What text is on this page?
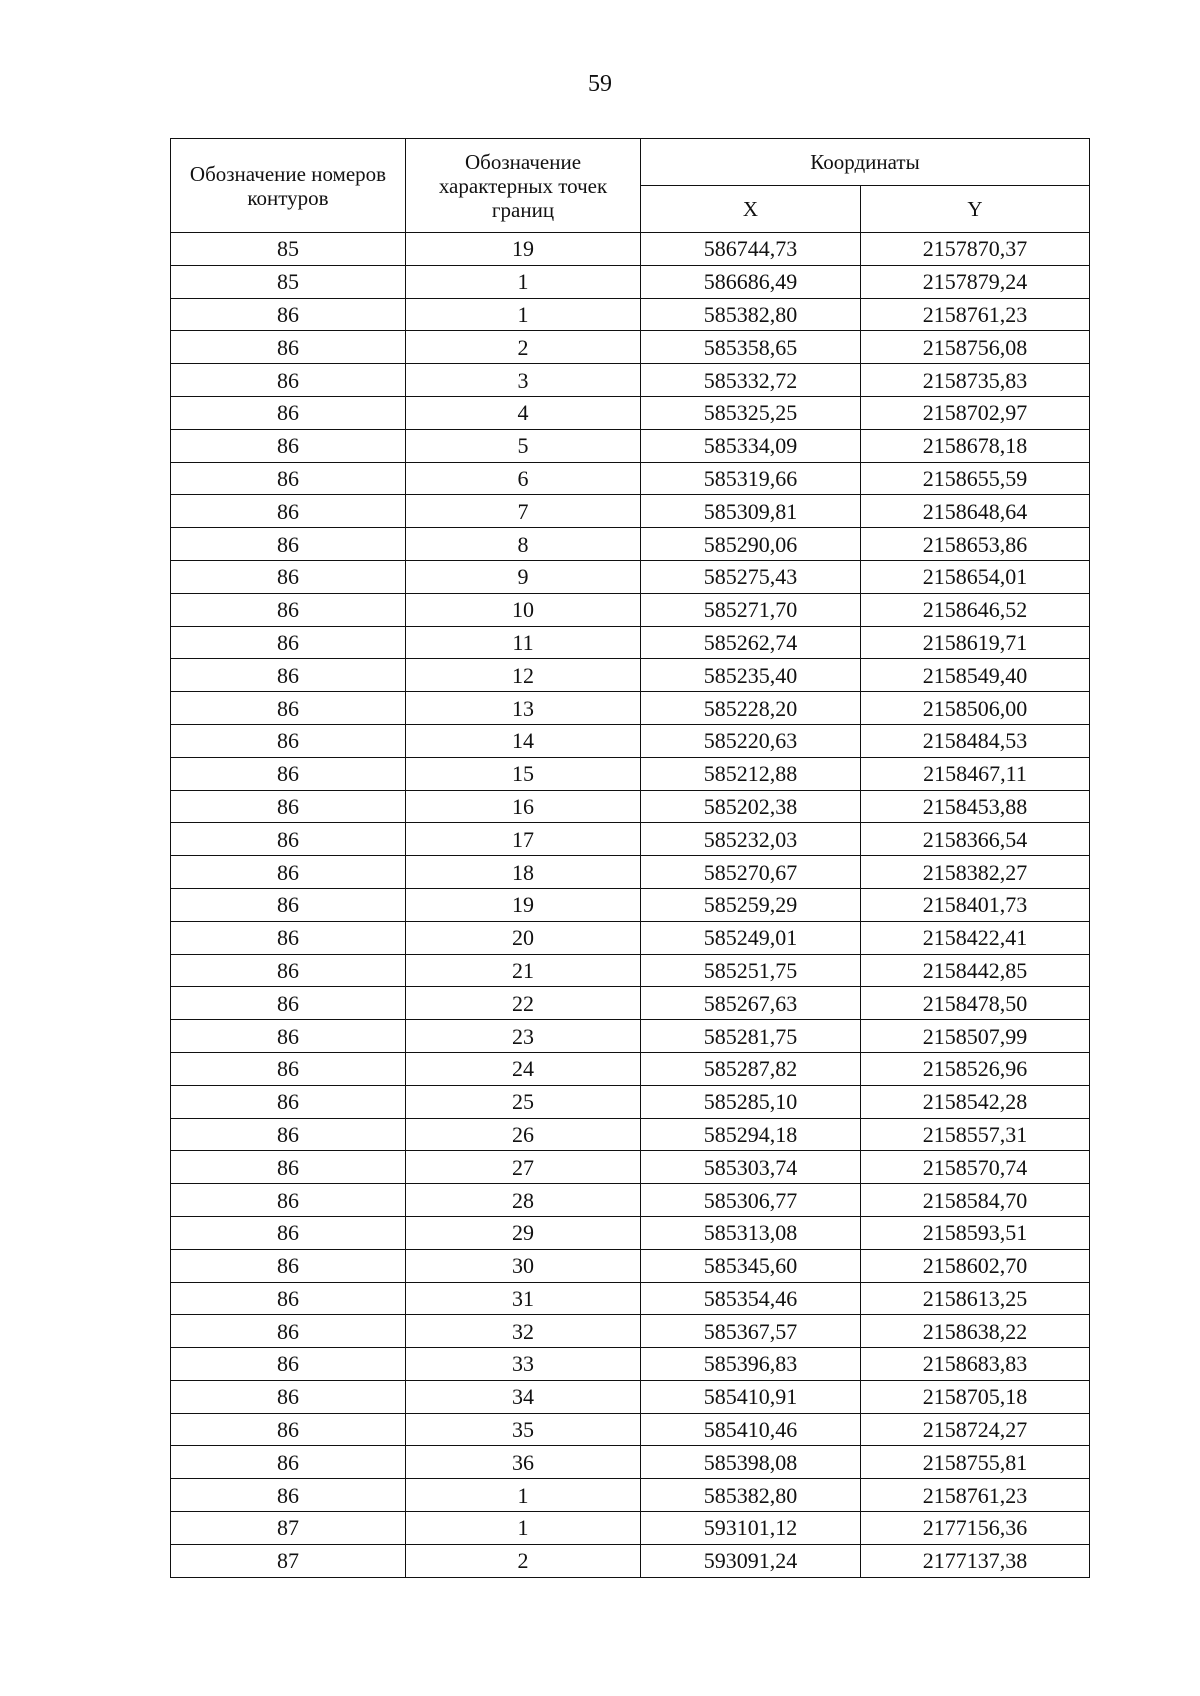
59
Обозначение номеров контуров	Обозначение характерных точек границ	Координаты	
		X	Y
85	19	586744,73	2157870,37
85	1	586686,49	2157879,24
86	1	585382,80	2158761,23
86	2	585358,65	2158756,08
86	3	585332,72	2158735,83
86	4	585325,25	2158702,97
86	5	585334,09	2158678,18
86	6	585319,66	2158655,59
86	7	585309,81	2158648,64
86	8	585290,06	2158653,86
86	9	585275,43	2158654,01
86	10	585271,70	2158646,52
86	11	585262,74	2158619,71
86	12	585235,40	2158549,40
86	13	585228,20	2158506,00
86	14	585220,63	2158484,53
86	15	585212,88	2158467,11
86	16	585202,38	2158453,88
86	17	585232,03	2158366,54
86	18	585270,67	2158382,27
86	19	585259,29	2158401,73
86	20	585249,01	2158422,41
86	21	585251,75	2158442,85
86	22	585267,63	2158478,50
86	23	585281,75	2158507,99
86	24	585287,82	2158526,96
86	25	585285,10	2158542,28
86	26	585294,18	2158557,31
86	27	585303,74	2158570,74
86	28	585306,77	2158584,70
86	29	585313,08	2158593,51
86	30	585345,60	2158602,70
86	31	585354,46	2158613,25
86	32	585367,57	2158638,22
86	33	585396,83	2158683,83
86	34	585410,91	2158705,18
86	35	585410,46	2158724,27
86	36	585398,08	2158755,81
86	1	585382,80	2158761,23
87	1	593101,12	2177156,36
87	2	593091,24	2177137,38
